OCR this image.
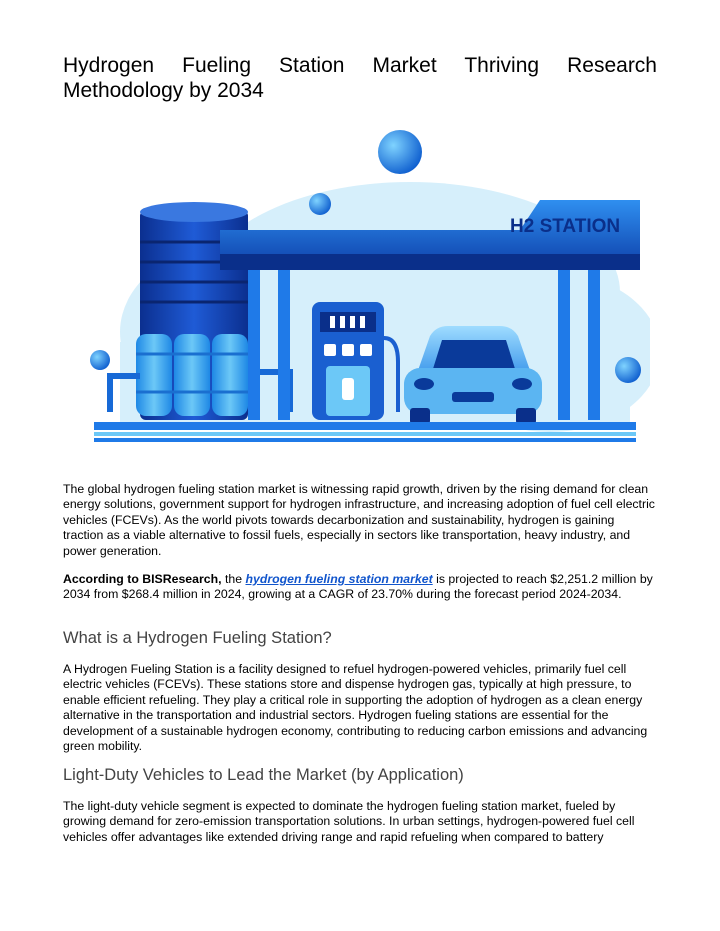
Hydrogen Fueling Station Market Thriving Research Methodology by 2034
H2 STATION

The global hydrogen fueling station market is witnessing rapid growth, driven by the rising demand for clean energy solutions, government support for hydrogen infrastructure, and increasing adoption of fuel cell electric vehicles (FCEVs). As the world pivots towards decarbonization and sustainability, hydrogen is gaining traction as a viable alternative to fossil fuels, especially in sectors like transportation, heavy industry, and power generation.

According to BISResearch, the hydrogen fueling station market is projected to reach $2,251.2 million by 2034 from $268.4 million in 2024, growing at a CAGR of 23.70% during the forecast period 2024-2034.

What is a Hydrogen Fueling Station?

A Hydrogen Fueling Station is a facility designed to refuel hydrogen-powered vehicles, primarily fuel cell electric vehicles (FCEVs). These stations store and dispense hydrogen gas, typically at high pressure, to enable efficient refueling. They play a critical role in supporting the adoption of hydrogen as a clean energy alternative in the transportation and industrial sectors. Hydrogen fueling stations are essential for the development of a sustainable hydrogen economy, contributing to reducing carbon emissions and advancing green mobility.

Light-Duty Vehicles to Lead the Market (by Application)

The light-duty vehicle segment is expected to dominate the hydrogen fueling station market, fueled by growing demand for zero-emission transportation solutions. In urban settings, hydrogen-powered fuel cell vehicles offer advantages like extended driving range and rapid refueling when compared to battery
